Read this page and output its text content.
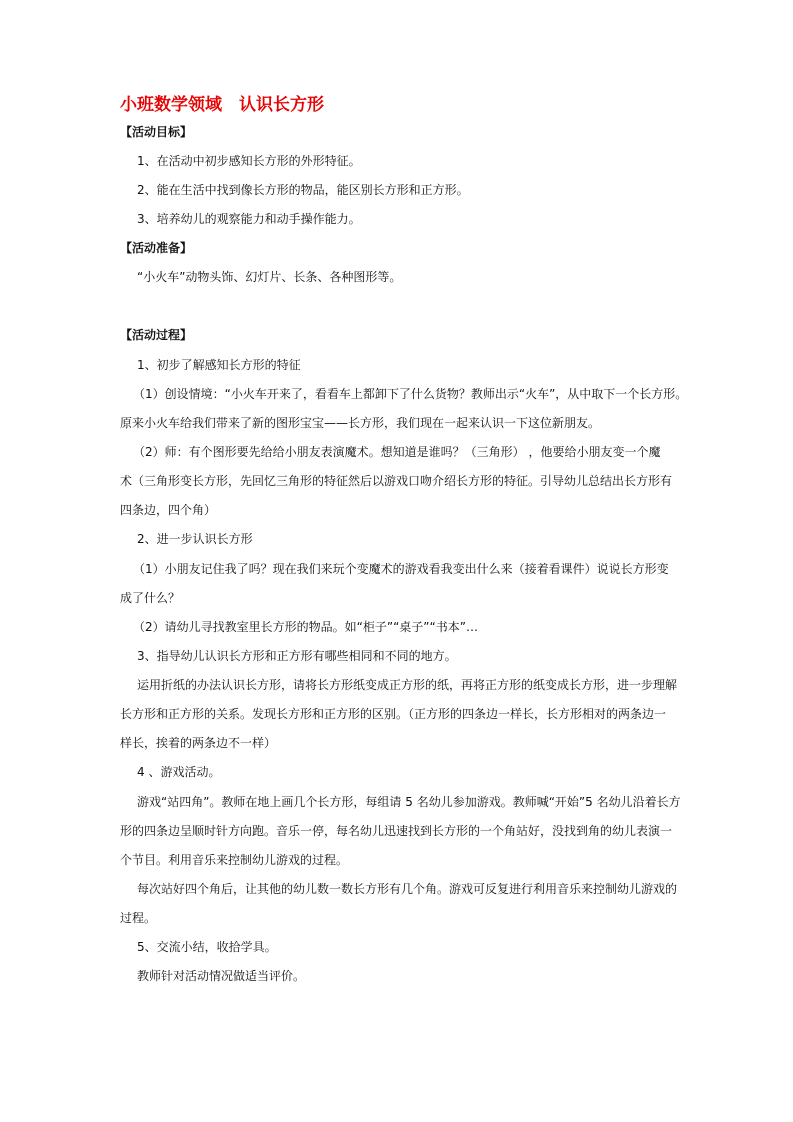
小班数学领域　认识长方形
【活动目标】
1、在活动中初步感知长方形的外形特征。
2、能在生活中找到像长方形的物品，能区别长方形和正方形。
3、培养幼儿的观察能力和动手操作能力。
【活动准备】
“小火车”动物头饰、幻灯片、长条、各种图形等。
【活动过程】
1、初步了解感知长方形的特征
（1）创设情境：“小火车开来了，看看车上都卸下了什么货物？教师出示“火车”，从中取下一个长方形。
原来小火车给我们带来了新的图形宝宝——长方形，我们现在一起来认识一下这位新朋友。
（2）师：有个图形要先给给小朋友表演魔术。想知道是谁吗？（三角形） ，他要给小朋友变一个魔
术（三角形变长方形，先回忆三角形的特征然后以游戏口吻介绍长方形的特征。引导幼儿总结出长方形有
四条边，四个角）
2、进一步认识长方形
（1）小朋友记住我了吗？现在我们来玩个变魔术的游戏看我变出什么来（接着看课件）说说长方形变
成了什么？
（2）请幼儿寻找教室里长方形的物品。如“柜子”“桌子”“书本”…
3、指导幼儿认识长方形和正方形有哪些相同和不同的地方。
运用折纸的办法认识长方形，请将长方形纸变成正方形的纸，再将正方形的纸变成长方形，进一步理解
长方形和正方形的关系。发现长方形和正方形的区别。（正方形的四条边一样长，长方形相对的两条边一
样长，挨着的两条边不一样）
4 、游戏活动。
游戏“站四角”。教师在地上画几个长方形，每组请 5 名幼儿参加游戏。教师喊“开始”5 名幼儿沿着长方
形的四条边呈顺时针方向跑。音乐一停，每名幼儿迅速找到长方形的一个角站好，没找到角的幼儿表演一
个节目。利用音乐来控制幼儿游戏的过程。
每次站好四个角后，让其他的幼儿数一数长方形有几个角。游戏可反复进行利用音乐来控制幼儿游戏的
过程。
5、交流小结，收拾学具。
教师针对活动情况做适当评价。
